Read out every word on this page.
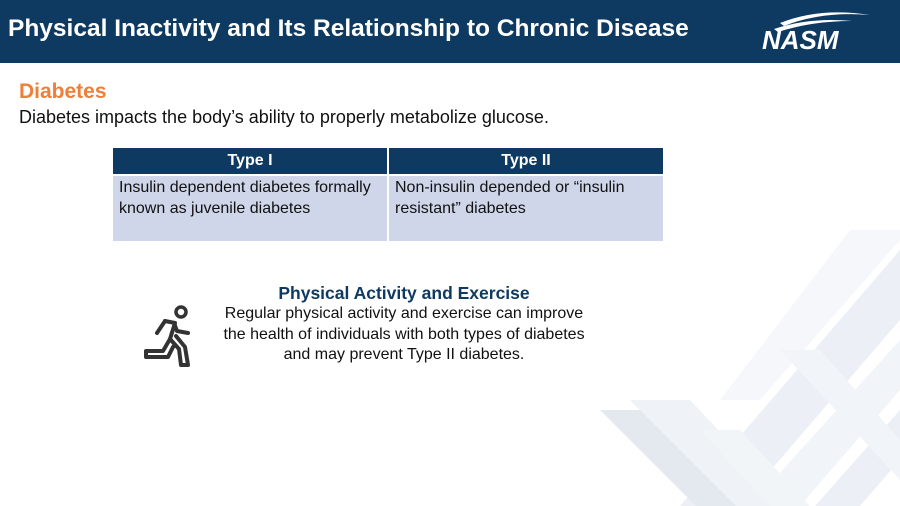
Physical Inactivity and Its Relationship to Chronic Disease	NASM
Diabetes
Diabetes impacts the body’s ability to properly metabolize glucose.
Type I	Type II
Insulin dependent diabetes formally known as juvenile diabetes	Non-insulin depended or “insulin resistant” diabetes
Physical Activity and Exercise
Regular physical activity and exercise can improve
the health of individuals with both types of diabetes
and may prevent Type II diabetes.
